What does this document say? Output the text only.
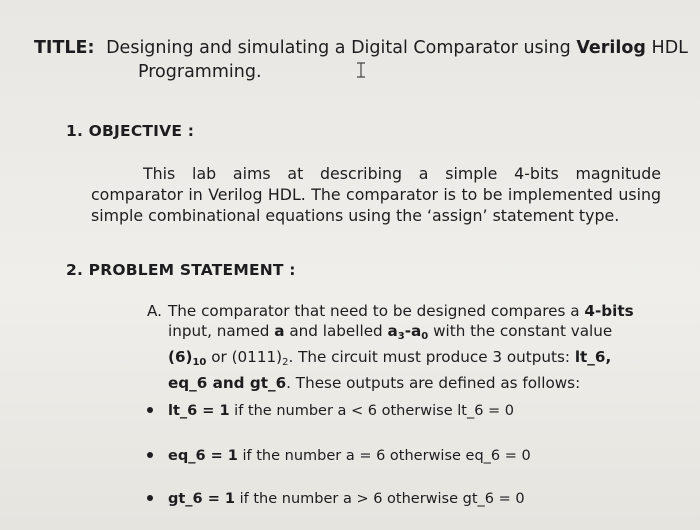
TITLE: Designing and simulating a Digital Comparator using Verilog HDL
Programming.
1. OBJECTIVE :
This lab aims at describing a simple 4-bits magnitude comparator in Verilog HDL. The comparator is to be implemented using simple combinational equations using the ‘assign’ statement type.
2. PROBLEM STATEMENT :
A. The comparator that need to be designed compares a 4-bits input, named a and labelled $a_3-a_0$ with the constant value $(6)_{10}$ or $(0111)_2$. The circuit must produce 3 outputs: lt_6, eq_6 and gt_6. These outputs are defined as follows:
lt_6 = 1 if the number a < 6 otherwise lt_6 = 0
eq_6 = 1 if the number a = 6 otherwise eq_6 = 0
gt_6 = 1 if the number a > 6 otherwise gt_6 = 0
